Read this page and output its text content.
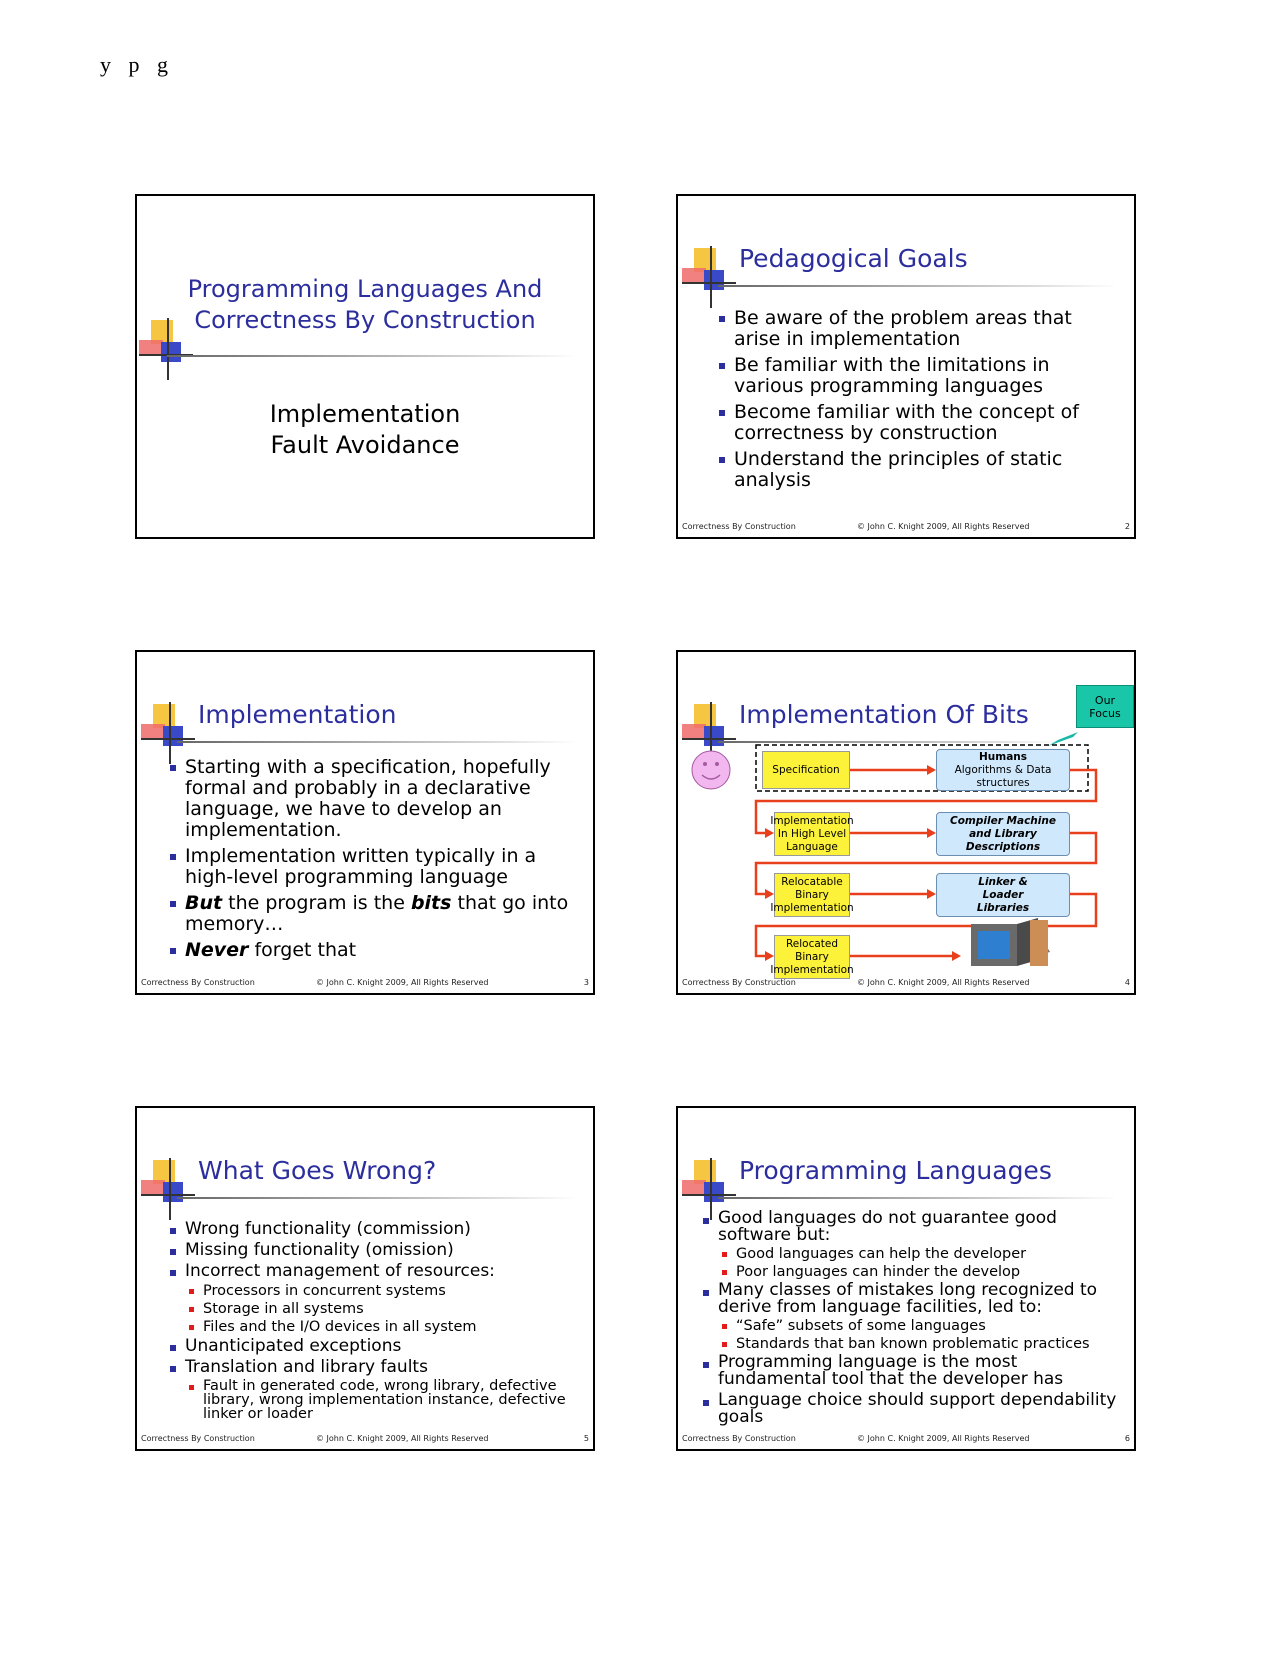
y p g
Programming Languages And
Correctness By Construction
Implementation
Fault Avoidance
Pedagogical Goals
Be aware of the problem areas that arise in implementation
Be familiar with the limitations in various programming languages
Become familiar with the concept of correctness by construction
Understand the principles of static analysis
Correctness By Construction	© John C. Knight 2009, All Rights Reserved	2
Implementation
Starting with a specification, hopefully formal and probably in a declarative language, we have to develop an implementation.
Implementation written typically in a high-level programming language
But the program is the bits that go into memory…
Never forget that
Correctness By Construction	© John C. Knight 2009, All Rights Reserved	3
Implementation Of Bits	Our Focus
Specification
Humans
Algorithms & Data structures
Implementation In High Level Language
Compiler Machine and Library Descriptions
Relocatable Binary Implementation
Linker & Loader Libraries
Relocated Binary Implementation
Correctness By Construction	© John C. Knight 2009, All Rights Reserved	4
What Goes Wrong?
Wrong functionality (commission)
Missing functionality (omission)
Incorrect management of resources:
Processors in concurrent systems
Storage in all systems
Files and the I/O devices in all system
Unanticipated exceptions
Translation and library faults
Fault in generated code, wrong library, defective library, wrong implementation instance, defective linker or loader
Correctness By Construction	© John C. Knight 2009, All Rights Reserved	5
Programming Languages
Good languages do not guarantee good software but:
Good languages can help the developer
Poor languages can hinder the develop
Many classes of mistakes long recognized to derive from language facilities, led to:
“Safe” subsets of some languages
Standards that ban known problematic practices
Programming language is the most fundamental tool that the developer has
Language choice should support dependability goals
Correctness By Construction	© John C. Knight 2009, All Rights Reserved	6
